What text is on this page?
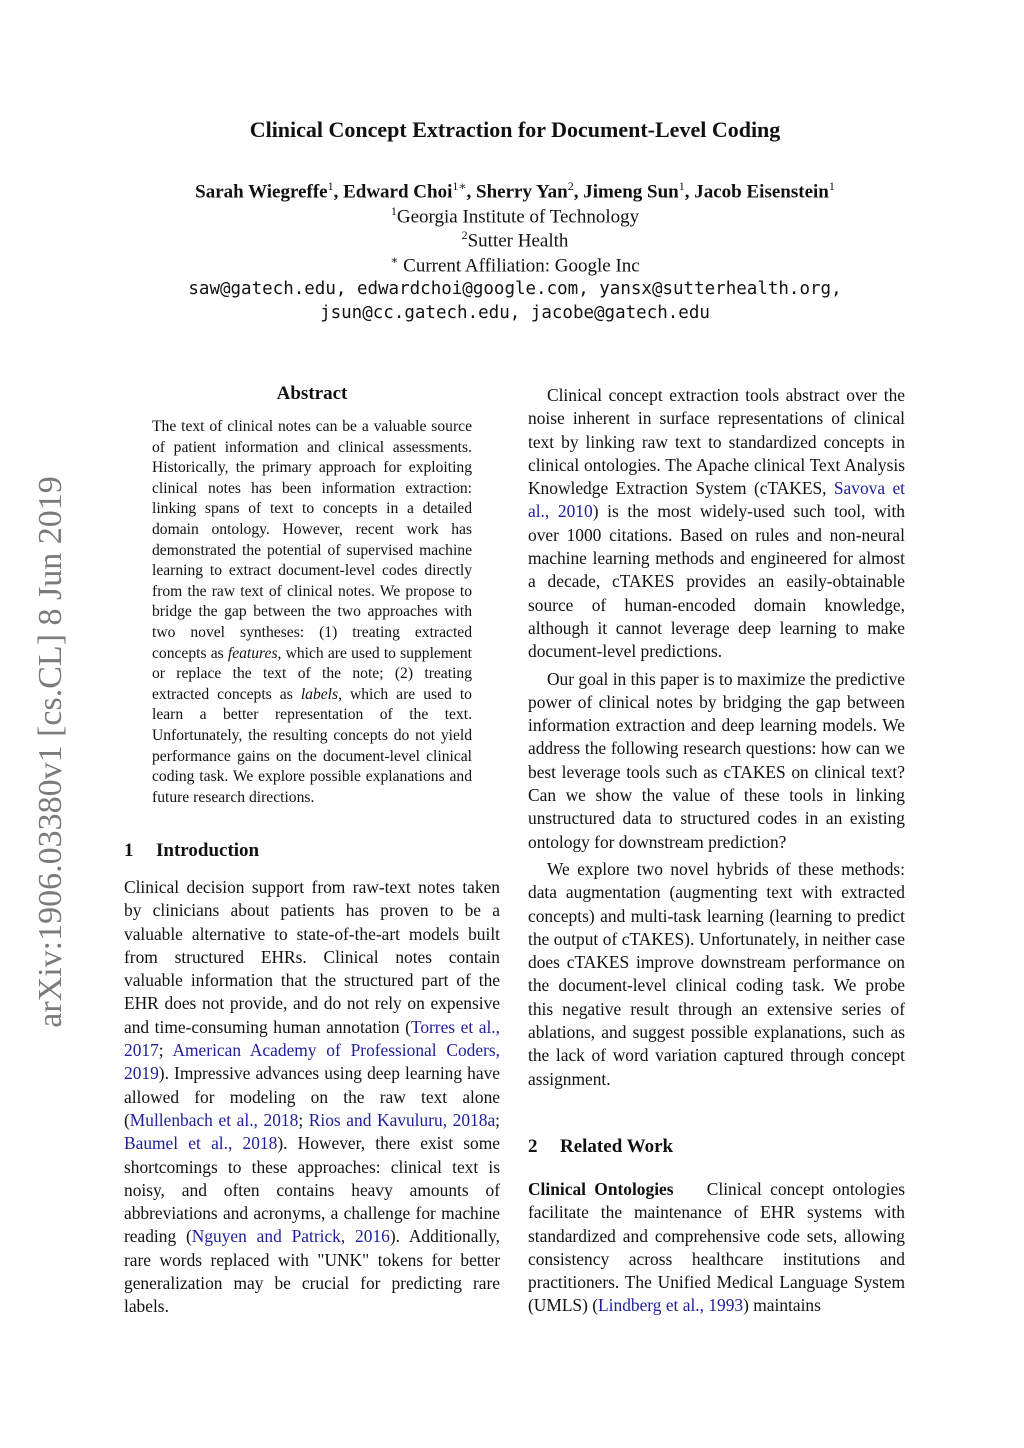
arXiv:1906.03380v1 [cs.CL] 8 Jun 2019
Clinical Concept Extraction for Document-Level Coding
Sarah Wiegreffe$^1$, Edward Choi$^{1∗}$, Sherry Yan$^2$, Jimeng Sun$^1$, Jacob Eisenstein$^1$
$^1$Georgia Institute of Technology
$^2$Sutter Health
∗ Current Affiliation: Google Inc
saw@gatech.edu, edwardchoi@google.com, yansx@sutterhealth.org,
jsun@cc.gatech.edu, jacobe@gatech.edu
Abstract
The text of clinical notes can be a valuable source of patient information and clinical assessments. Historically, the primary approach for exploiting clinical notes has been information extraction: linking spans of text to concepts in a detailed domain ontology. However, recent work has demonstrated the potential of supervised machine learning to extract document-level codes directly from the raw text of clinical notes. We propose to bridge the gap between the two approaches with two novel syntheses: (1) treating extracted concepts as features, which are used to supplement or replace the text of the note; (2) treating extracted concepts as labels, which are used to learn a better representation of the text. Unfortunately, the resulting concepts do not yield performance gains on the document-level clinical coding task. We explore possible explanations and future research directions.
1 Introduction
Clinical decision support from raw-text notes taken by clinicians about patients has proven to be a valuable alternative to state-of-the-art models built from structured EHRs. Clinical notes contain valuable information that the structured part of the EHR does not provide, and do not rely on expensive and time-consuming human annotation (Torres et al., 2017; American Academy of Professional Coders, 2019). Impressive advances using deep learning have allowed for modeling on the raw text alone (Mullenbach et al., 2018; Rios and Kavuluru, 2018a; Baumel et al., 2018). However, there exist some shortcomings to these approaches: clinical text is noisy, and often contains heavy amounts of abbreviations and acronyms, a challenge for machine reading (Nguyen and Patrick, 2016). Additionally, rare words replaced with "UNK" tokens for better generalization may be crucial for predicting rare labels.

Clinical concept extraction tools abstract over the noise inherent in surface representations of clinical text by linking raw text to standardized concepts in clinical ontologies. The Apache clinical Text Analysis Knowledge Extraction System (cTAKES, Savova et al., 2010) is the most widely-used such tool, with over 1000 citations. Based on rules and non-neural machine learning methods and engineered for almost a decade, cTAKES provides an easily-obtainable source of human-encoded domain knowledge, although it cannot leverage deep learning to make document-level predictions.

Our goal in this paper is to maximize the predictive power of clinical notes by bridging the gap between information extraction and deep learning models. We address the following research questions: how can we best leverage tools such as cTAKES on clinical text? Can we show the value of these tools in linking unstructured data to structured codes in an existing ontology for downstream prediction?

We explore two novel hybrids of these methods: data augmentation (augmenting text with extracted concepts) and multi-task learning (learning to predict the output of cTAKES). Unfortunately, in neither case does cTAKES improve downstream performance on the document-level clinical coding task. We probe this negative result through an extensive series of ablations, and suggest possible explanations, such as the lack of word variation captured through concept assignment.

2 Related Work
Clinical Ontologies Clinical concept ontologies facilitate the maintenance of EHR systems with standardized and comprehensive code sets, allowing consistency across healthcare institutions and practitioners. The Unified Medical Language System (UMLS) (Lindberg et al., 1993) maintains
